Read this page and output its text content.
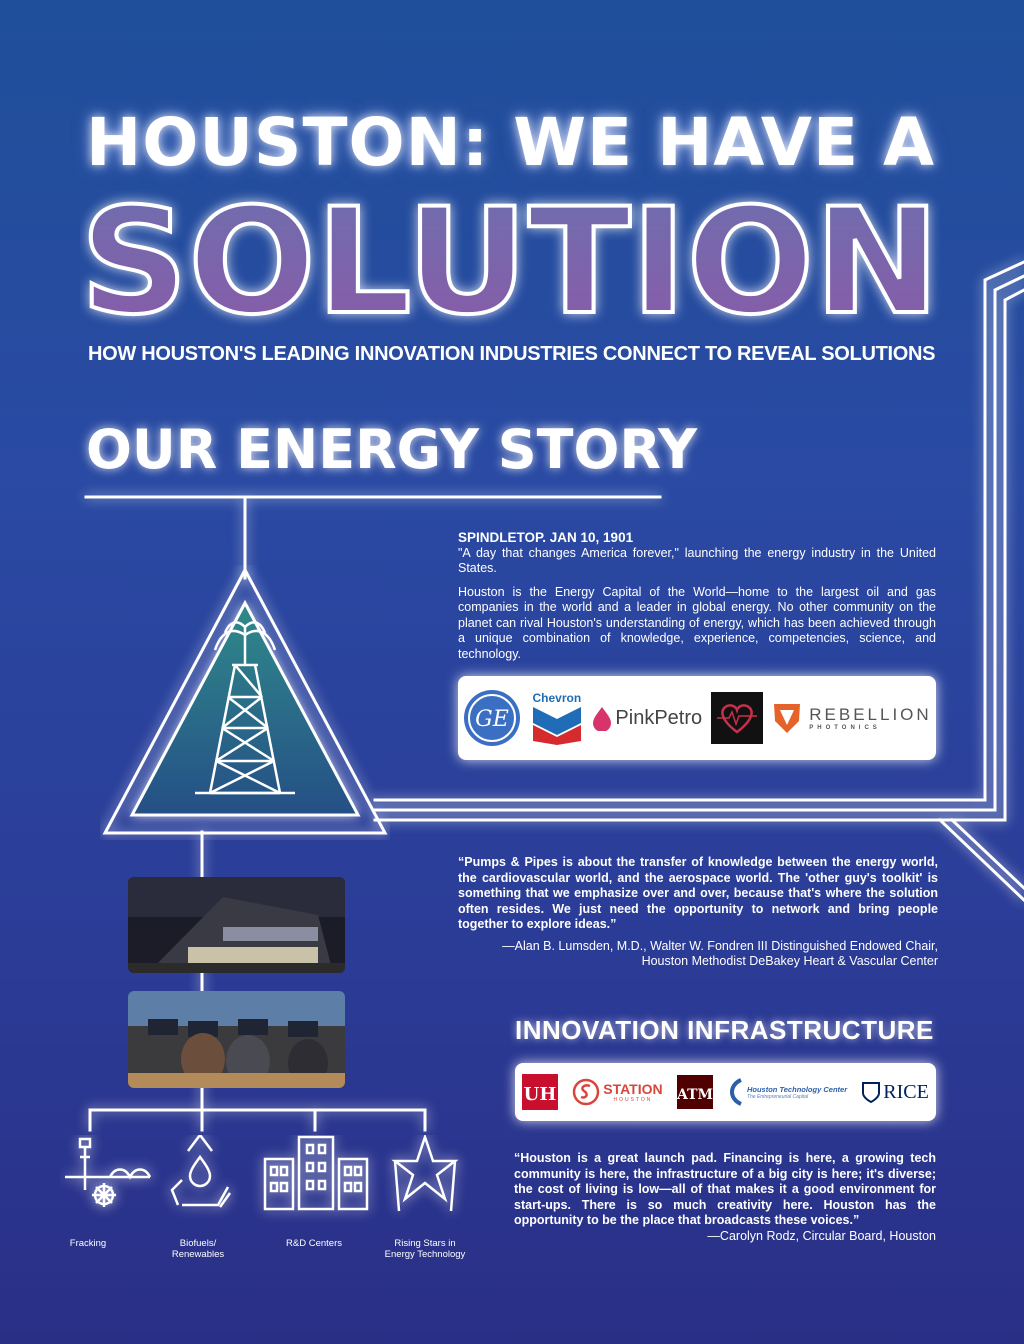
HOUSTON: WE HAVE A
SOLUTION
HOW HOUSTON'S LEADING INNOVATION INDUSTRIES CONNECT TO REVEAL SOLUTIONS
OUR ENERGY STORY
SPINDLETOP. JAN 10, 1901

"A day that changes America forever," launching the energy industry in the United States.

Houston is the Energy Capital of the World—home to the largest oil and gas companies in the world and a leader in global energy. No other community on the planet can rival Houston's understanding of energy, which has been achieved through a unique combination of knowledge, experience, competencies, science, and technology.

GE
Chevron
PinkPetro	REBELLION
PHOTONICS
Fracking	Biofuels/
Renewables
R&D Centers	Rising Stars in
Energy Technology
“Pumps & Pipes is about the transfer of knowledge between the energy world, the cardiovascular world, and the aerospace world. The 'other guy's toolkit' is something that we emphasize over and over, because that's where the solution often resides. We just need the opportunity to network and bring people together to explore ideas.”
—Alan B. Lumsden, M.D., Walter W. Fondren III Distinguished Endowed Chair,
Houston Methodist DeBakey Heart & Vascular Center
INNOVATION INFRASTRUCTURE
UH	STATION
HOUSTON ATM	Houston Technology Center
The Entrepreneurial Capital	RICE
“Houston is a great launch pad. Financing is here, a growing tech community is here, the infrastructure of a big city is here; it's diverse; the cost of living is low—all of that makes it a good environment for start-ups. There is so much creativity here. Houston has the opportunity to be the place that broadcasts these voices.”
—Carolyn Rodz, Circular Board, Houston
